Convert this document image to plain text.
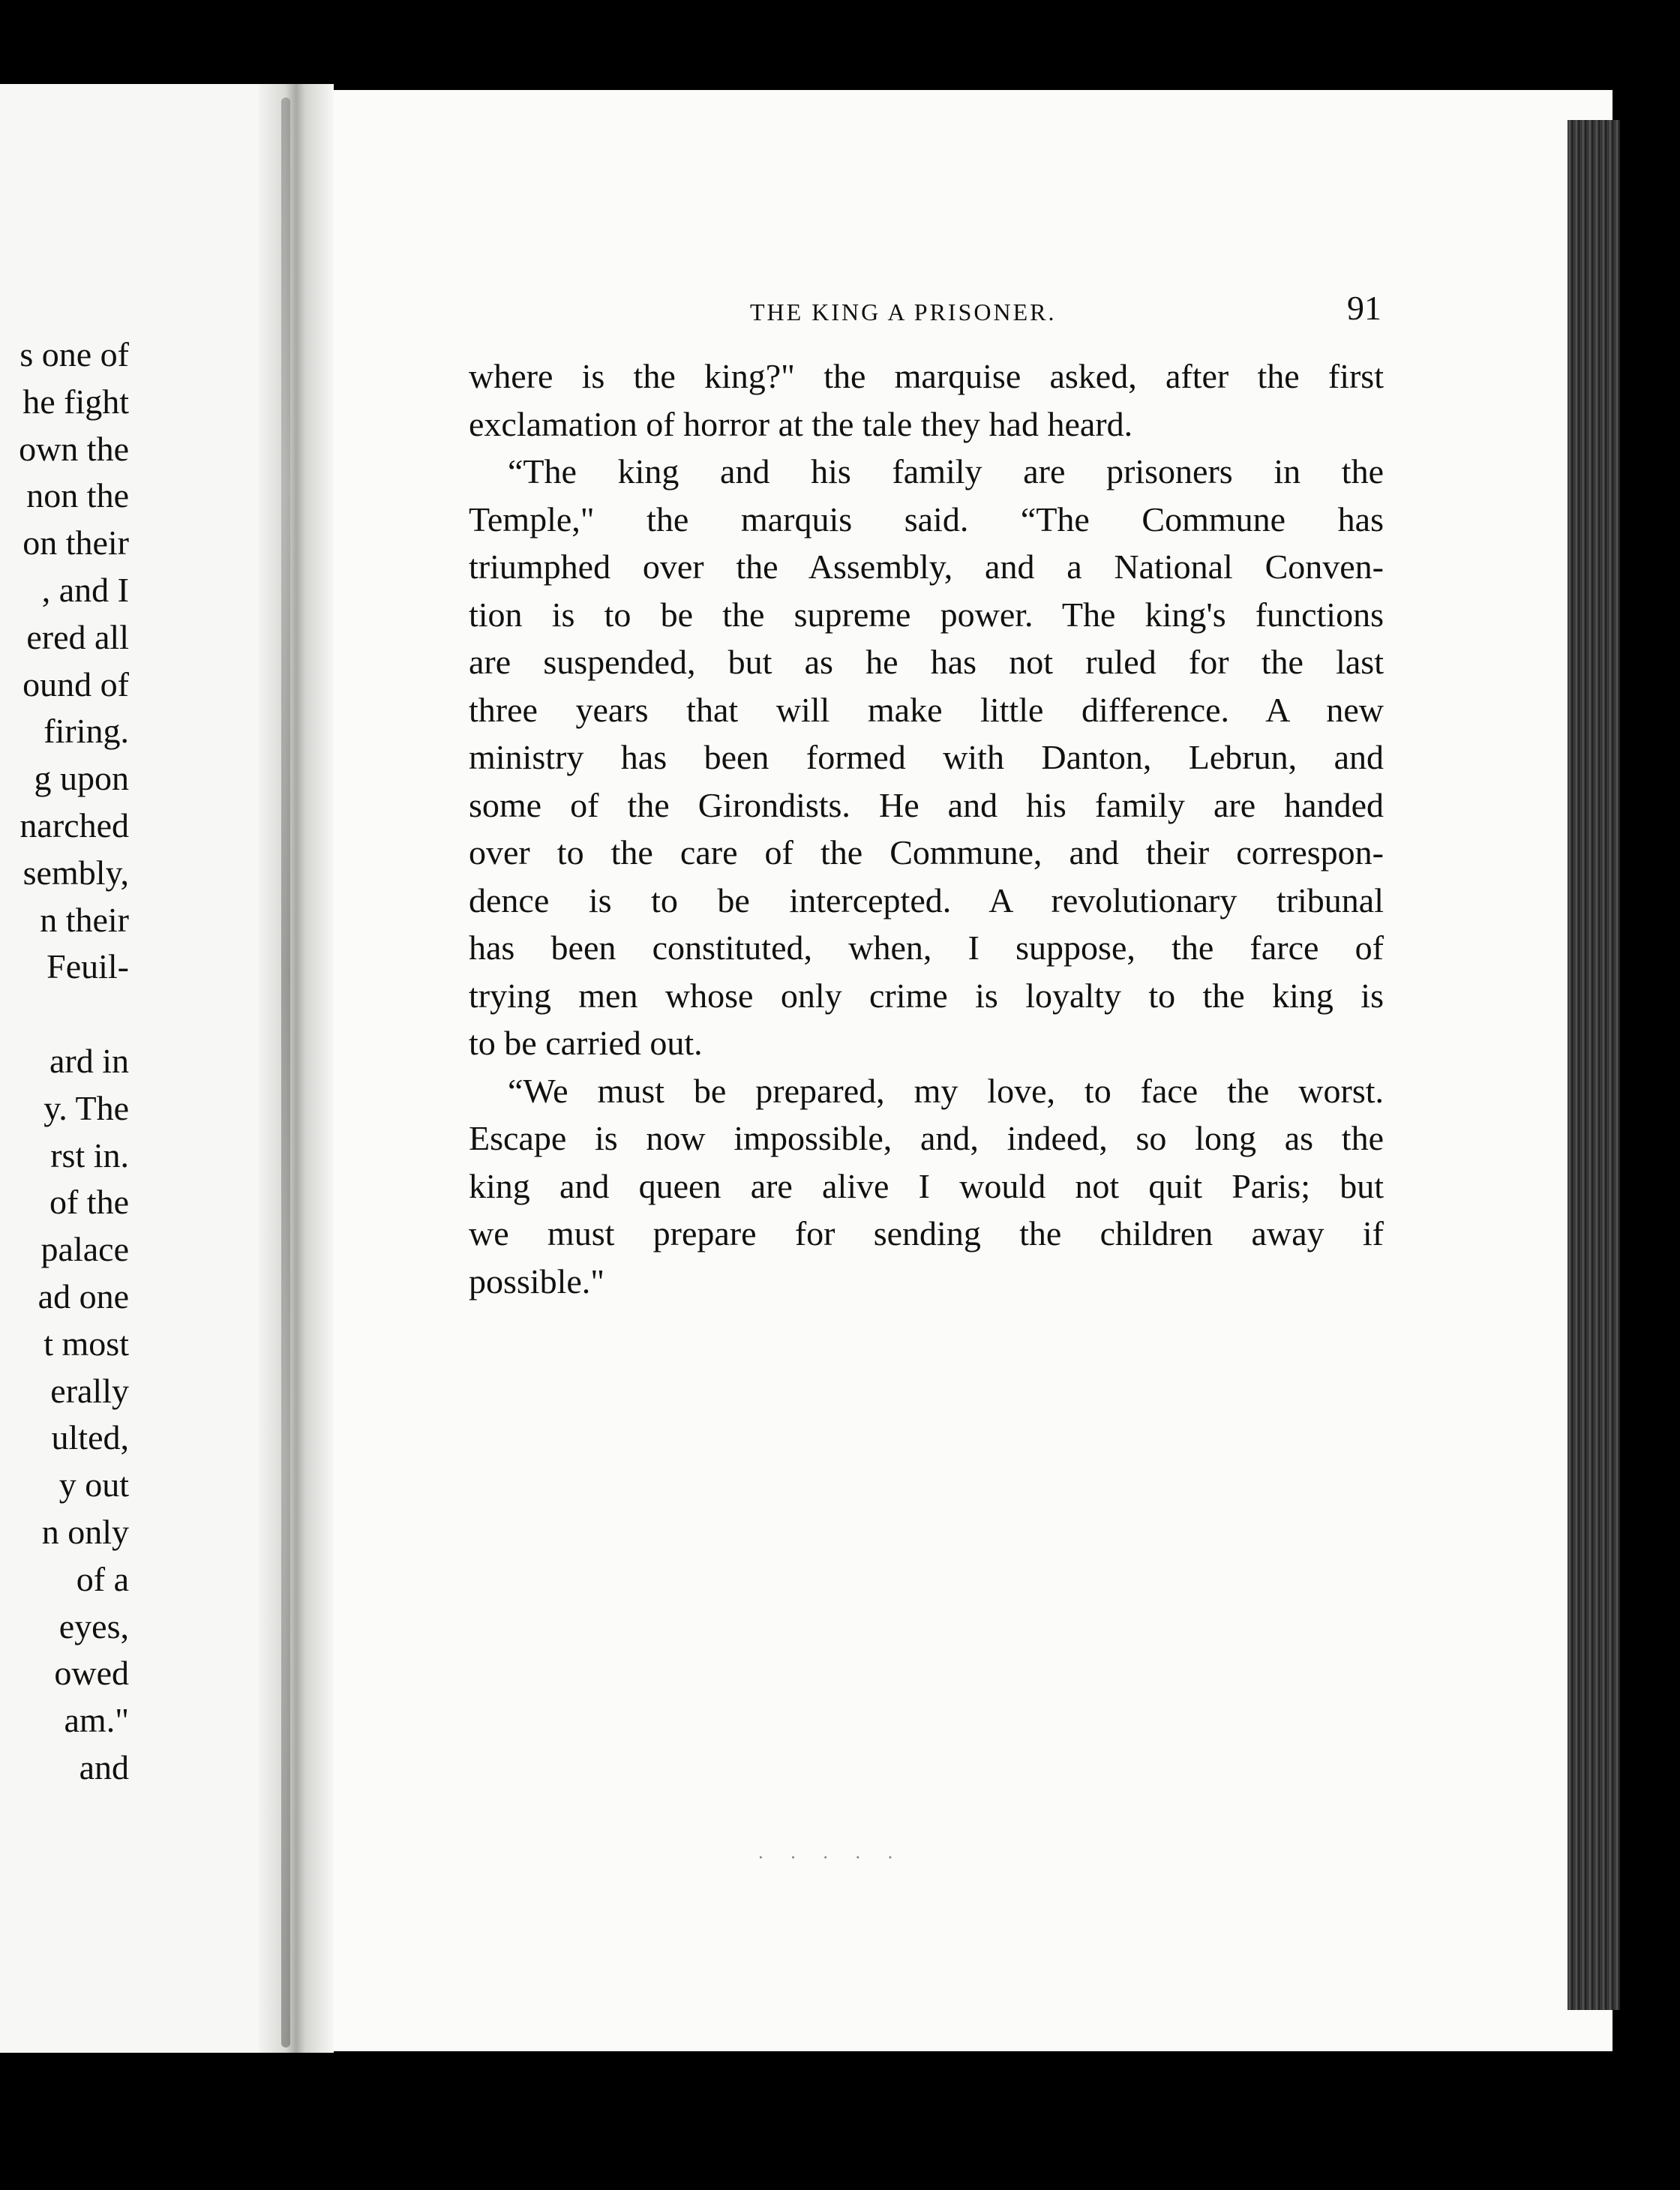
s one of
he fight
own the
non the
on their
, and I
ered all
ound of
firing.
g upon
narched
sembly,
n their
Feuil-

ard in
y. The
rst in.
of the
palace
ad one
t most
erally
ulted,
y out
n only
of a
eyes,
owed
am."
and
THE KING A PRISONER.	91
where is the king?" the marquise asked, after the first
exclamation of horror at the tale they had heard.
“The king and his family are prisoners in the
Temple," the marquis said. “The Commune has
triumphed over the Assembly, and a National Conven-
tion is to be the supreme power. The king's functions
are suspended, but as he has not ruled for the last
three years that will make little difference. A new
ministry has been formed with Danton, Lebrun, and
some of the Girondists. He and his family are handed
over to the care of the Commune, and their correspon-
dence is to be intercepted. A revolutionary tribunal
has been constituted, when, I suppose, the farce of
trying men whose only crime is loyalty to the king is
to be carried out.
“We must be prepared, my love, to face the worst.
Escape is now impossible, and, indeed, so long as the
king and queen are alive I would not quit Paris; but
we must prepare for sending the children away if
possible."
· · · · ·
